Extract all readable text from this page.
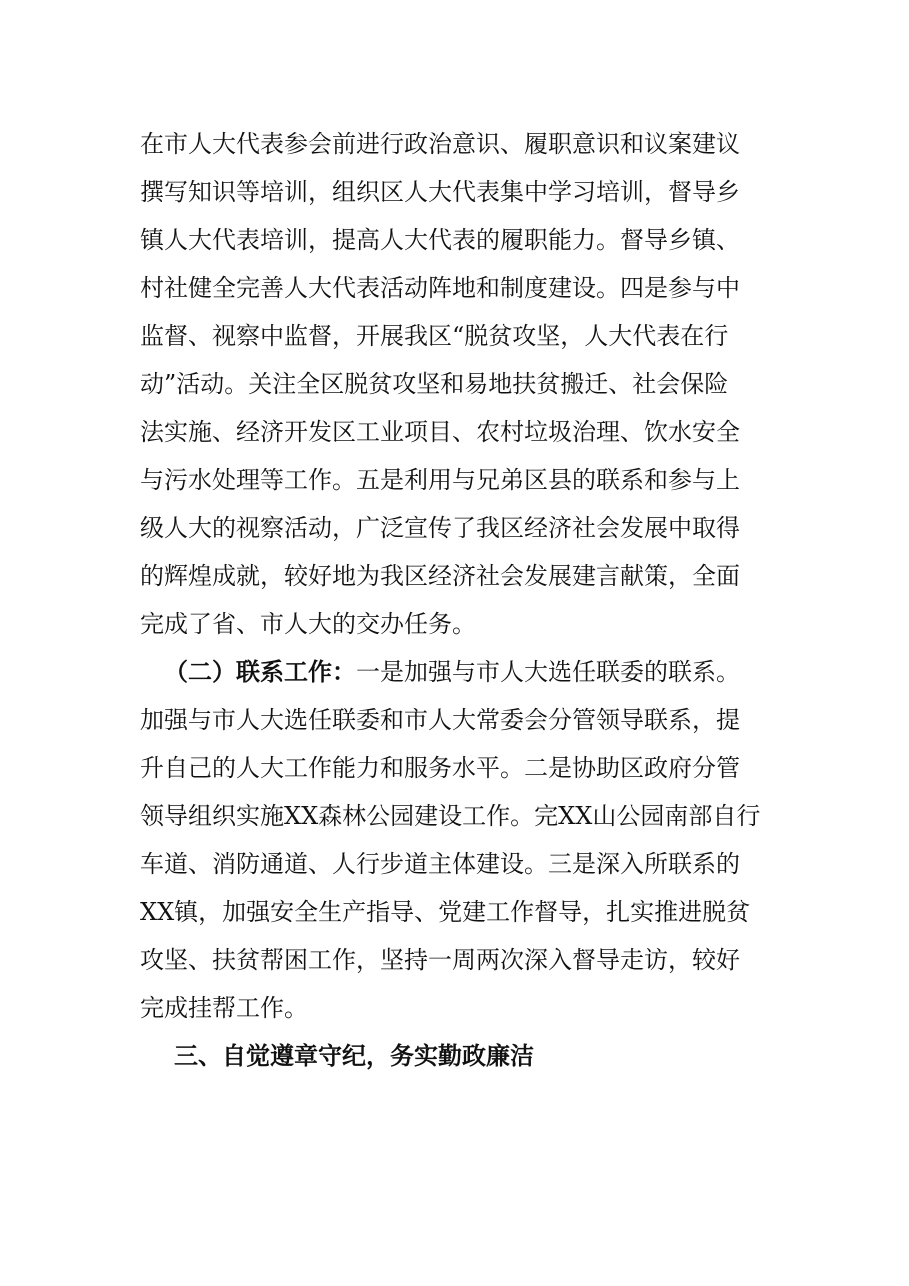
在市人大代表参会前进行政治意识、履职意识和议案建议
撰写知识等培训，组织区人大代表集中学习培训，督导乡
镇人大代表培训，提高人大代表的履职能力。督导乡镇、
村社健全完善人大代表活动阵地和制度建设。四是参与中
监督、视察中监督，开展我区“脱贫攻坚，人大代表在行
动”活动。关注全区脱贫攻坚和易地扶贫搬迁、社会保险
法实施、经济开发区工业项目、农村垃圾治理、饮水安全
与污水处理等工作。五是利用与兄弟区县的联系和参与上
级人大的视察活动，广泛宣传了我区经济社会发展中取得
的辉煌成就，较好地为我区经济社会发展建言献策，全面
完成了省、市人大的交办任务。
（二）联系工作：一是加强与市人大选任联委的联系。
加强与市人大选任联委和市人大常委会分管领导联系，提
升自己的人大工作能力和服务水平。二是协助区政府分管
领导组织实施XX森林公园建设工作。完XX山公园南部自行
车道、消防通道、人行步道主体建设。三是深入所联系的
XX镇，加强安全生产指导、党建工作督导，扎实推进脱贫
攻坚、扶贫帮困工作，坚持一周两次深入督导走访，较好
完成挂帮工作。
三、自觉遵章守纪，务实勤政廉洁
